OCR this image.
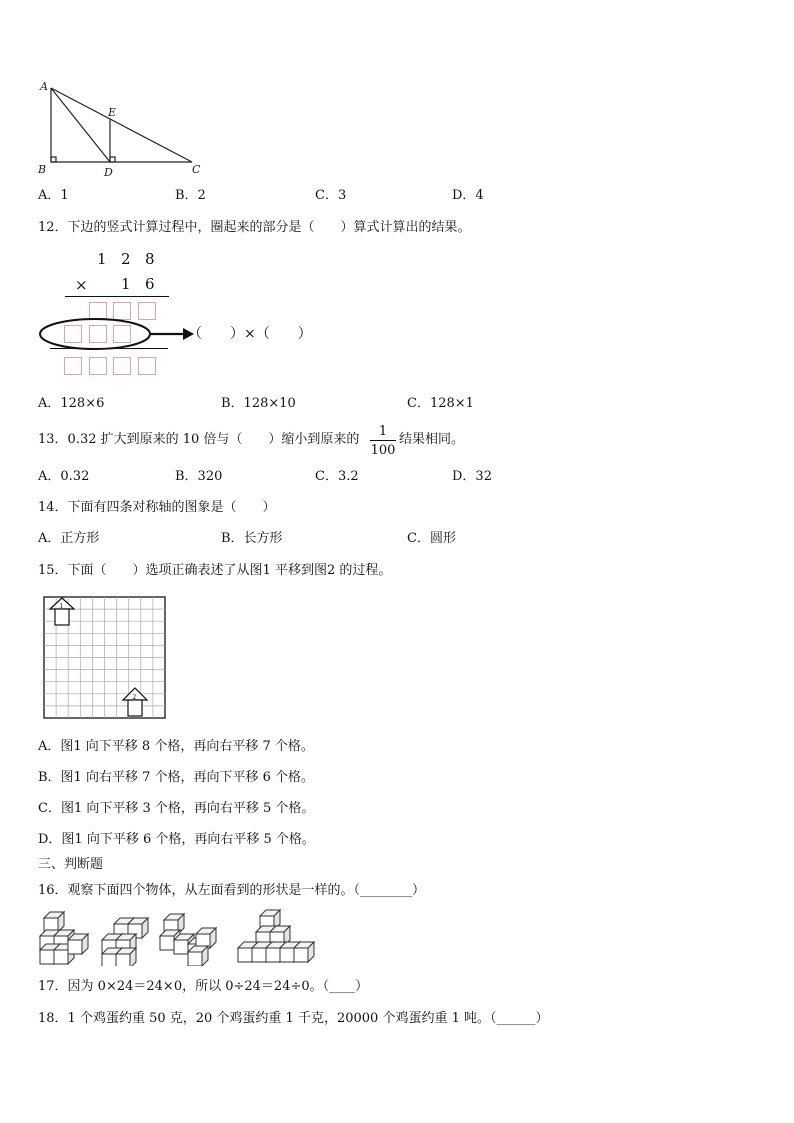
A
B	C
D
E
A．1	B．2	C．3	D．4
12．下边的竖式计算过程中，圈起来的部分是（　　）算式计算出的结果。
1 2 8
× 1 6
（　　）×（　　）
A．128×6	B．128×10	C．128×1
13．0.32 扩大到原来的 10 倍与（　　）缩小到原来的
1
100
结果相同。
A．0.32	B．320	C．3.2	D．32
14．下面有四条对称轴的图象是（　　）
A．正方形	B．长方形	C．圆形
15．下面（　　）选项正确表述了从图1 平移到图2 的过程。
1
2
A．图1 向下平移 8 个格，再向右平移 7 个格。
B．图1 向右平移 7 个格，再向下平移 6 个格。
C．图1 向下平移 3 个格，再向右平移 5 个格。
D．图1 向下平移 6 个格，再向右平移 5 个格。
三、判断题
16．观察下面四个物体，从左面看到的形状是一样的。（________）
17．因为 0×24＝24×0，所以 0÷24＝24÷0。（____）
18．1 个鸡蛋约重 50 克，20 个鸡蛋约重 1 千克，20000 个鸡蛋约重 1 吨。（______）
